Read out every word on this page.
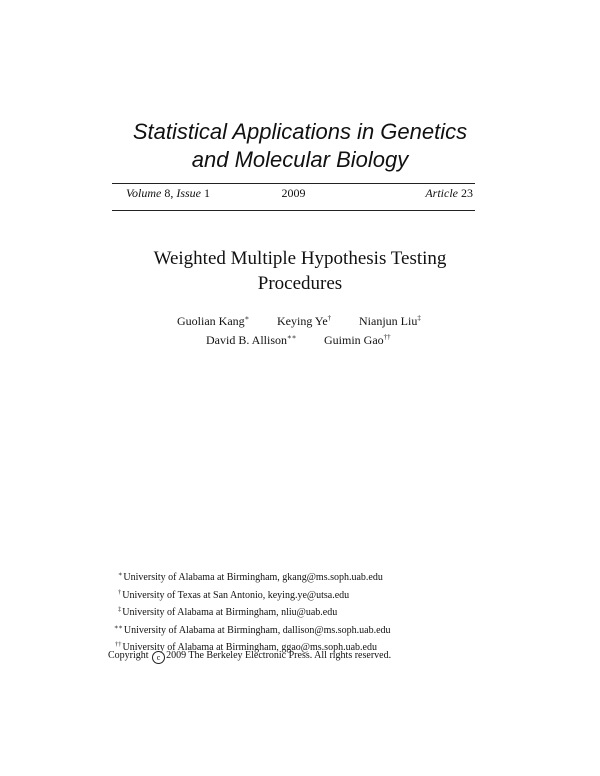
Statistical Applications in Genetics
and Molecular Biology
Volume 8, Issue 1	2009	Article 23
Weighted Multiple Hypothesis Testing
Procedures
Guolian Kang∗ Keying Ye† Nianjun Liu‡
David B. Allison∗∗ Guimin Gao††
∗University of Alabama at Birmingham, gkang@ms.soph.uab.edu
†University of Texas at San Antonio, keying.ye@utsa.edu
‡University of Alabama at Birmingham, nliu@uab.edu
∗∗University of Alabama at Birmingham, dallison@ms.soph.uab.edu
††University of Alabama at Birmingham, ggao@ms.soph.uab.edu
Copyright c 2009 The Berkeley Electronic Press. All rights reserved.
